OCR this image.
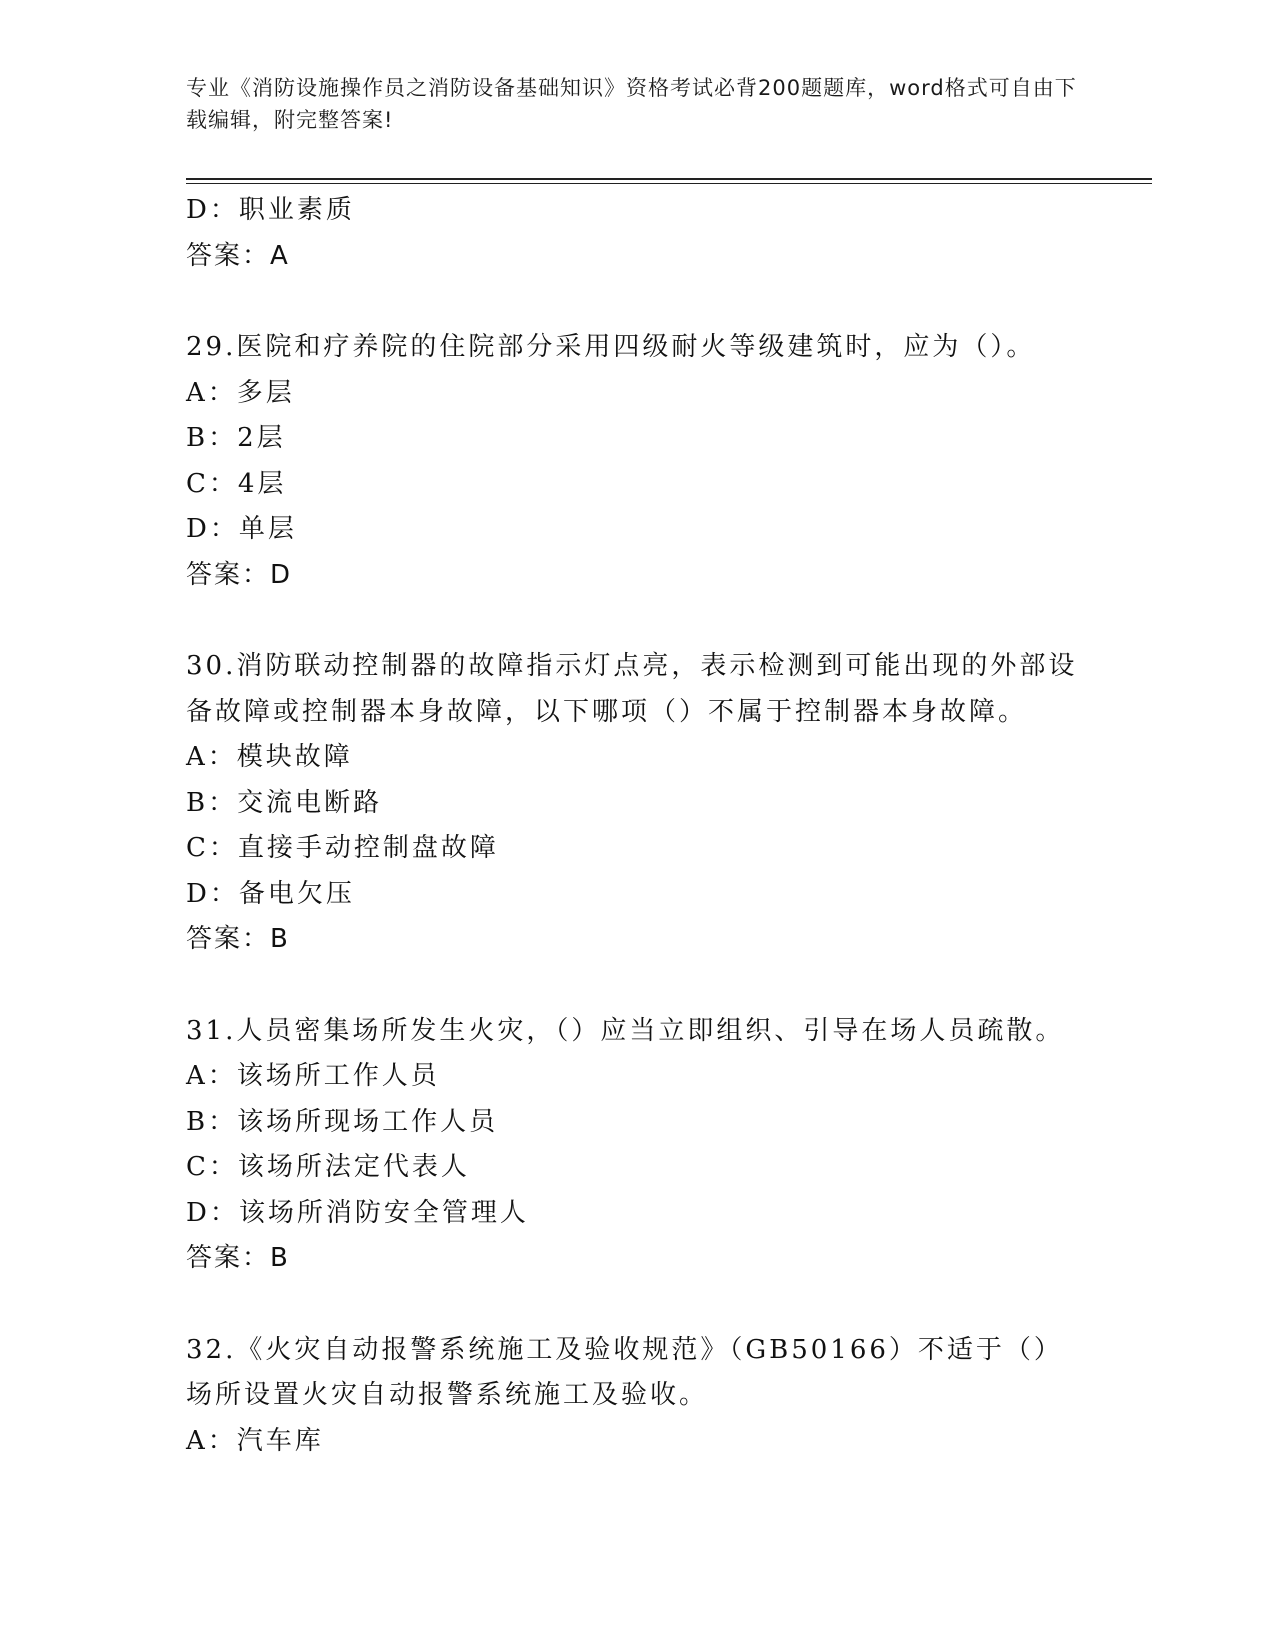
专业《消防设施操作员之消防设备基础知识》资格考试必背200题题库，word格式可自由下载编辑，附完整答案!
D：职业素质
答案：A
29.医院和疗养院的住院部分采用四级耐火等级建筑时，应为（）。
A：多层
B：2层
C：4层
D：单层
答案：D
30.消防联动控制器的故障指示灯点亮，表示检测到可能出现的外部设备故障或控制器本身故障，以下哪项（）不属于控制器本身故障。
A：模块故障
B：交流电断路
C：直接手动控制盘故障
D：备电欠压
答案：B
31.人员密集场所发生火灾，（）应当立即组织、引导在场人员疏散。
A：该场所工作人员
B：该场所现场工作人员
C：该场所法定代表人
D：该场所消防安全管理人
答案：B
32.《火灾自动报警系统施工及验收规范》（GB50166）不适于（）场所设置火灾自动报警系统施工及验收。
A：汽车库
